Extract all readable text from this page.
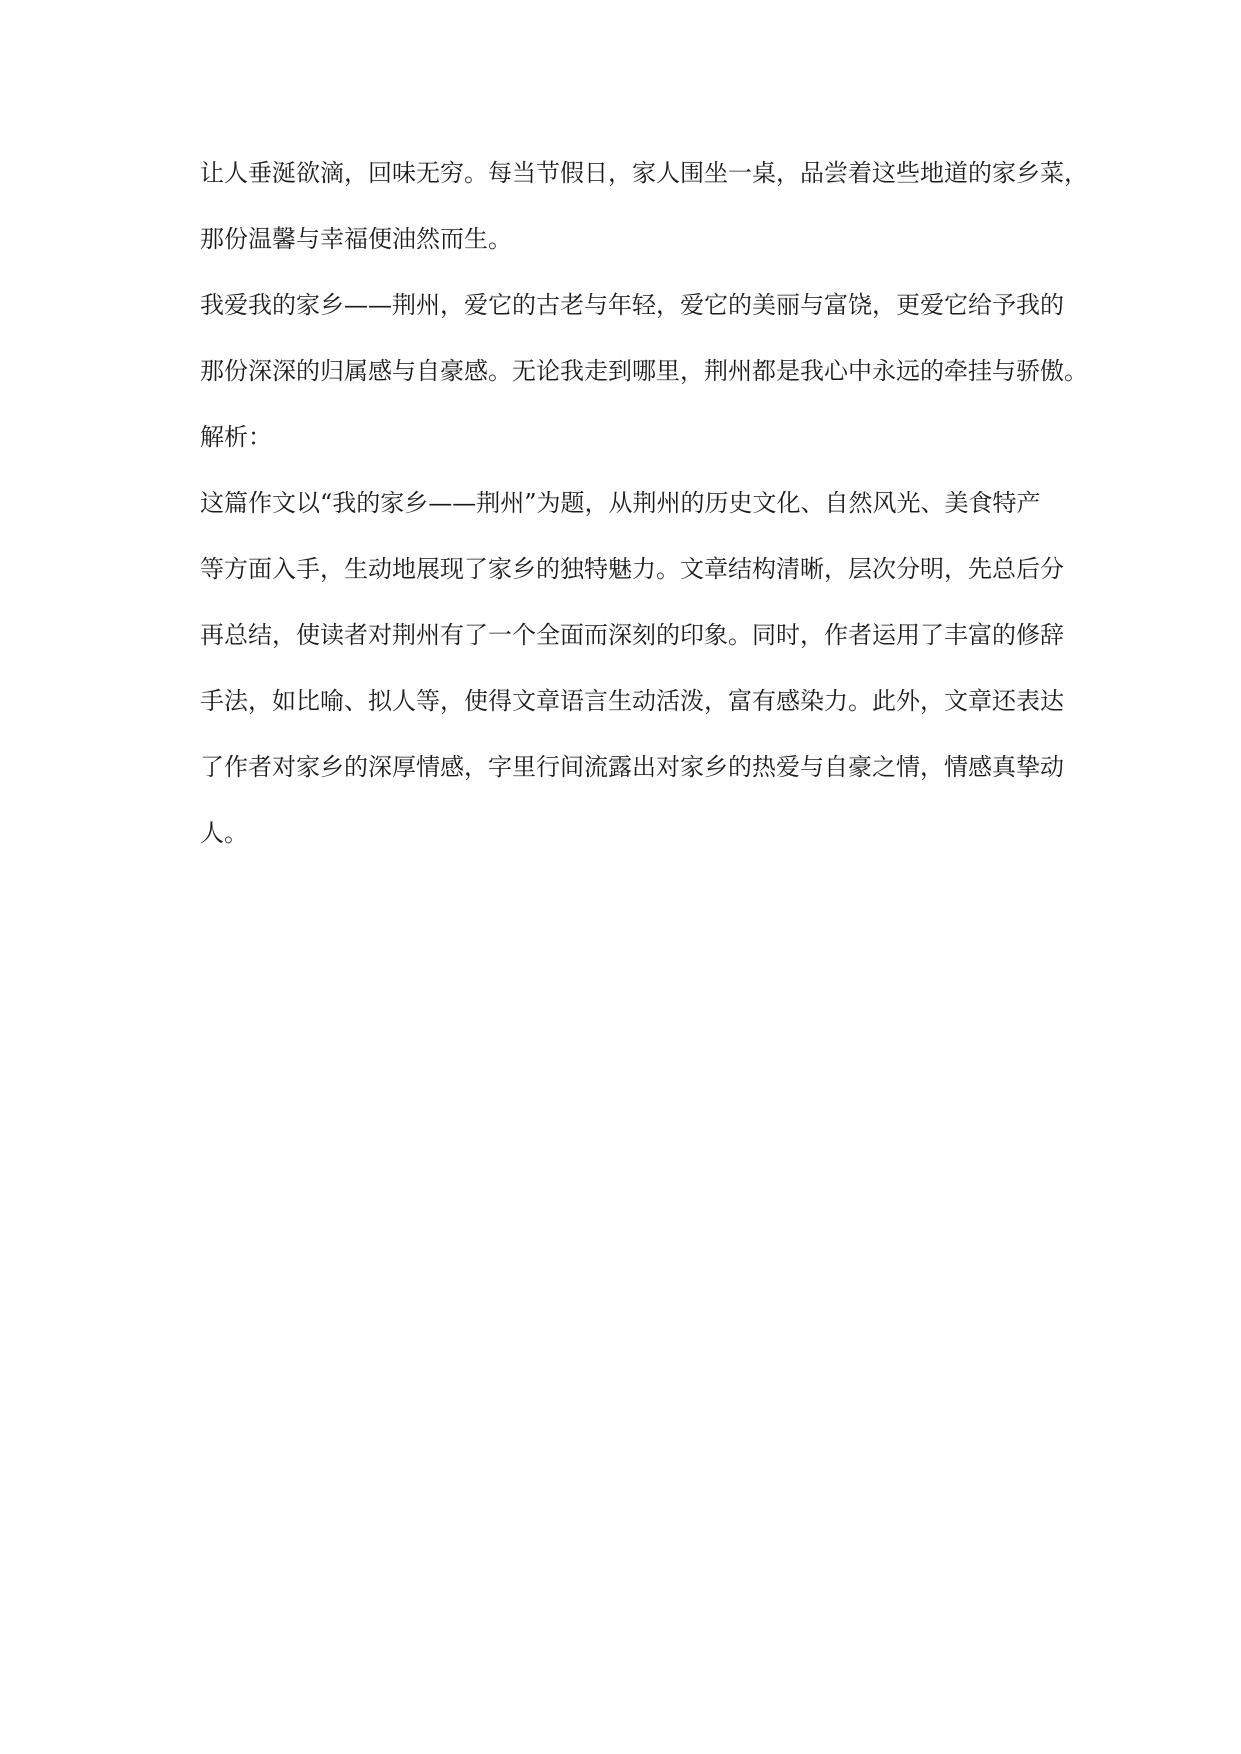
让人垂涎欲滴，回味无穷。每当节假日，家人围坐一桌，品尝着这些地道的家乡菜，
那份温馨与幸福便油然而生。
我爱我的家乡——荆州，爱它的古老与年轻，爱它的美丽与富饶，更爱它给予我的
那份深深的归属感与自豪感。无论我走到哪里，荆州都是我心中永远的牵挂与骄傲。
解析：
这篇作文以“我的家乡——荆州”为题，从荆州的历史文化、自然风光、美食特产
等方面入手，生动地展现了家乡的独特魅力。文章结构清晰，层次分明，先总后分
再总结，使读者对荆州有了一个全面而深刻的印象。同时，作者运用了丰富的修辞
手法，如比喻、拟人等，使得文章语言生动活泼，富有感染力。此外，文章还表达
了作者对家乡的深厚情感，字里行间流露出对家乡的热爱与自豪之情，情感真挚动
人。
